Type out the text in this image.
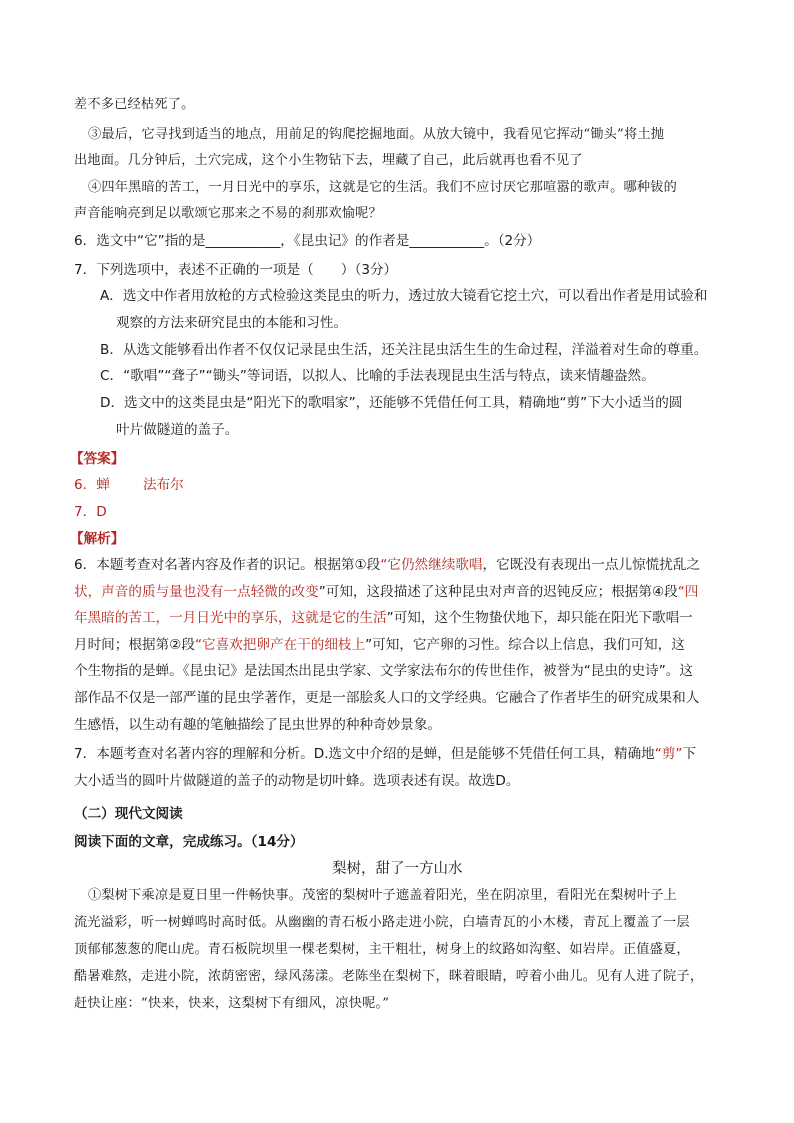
差不多已经枯死了。
③最后，它寻找到适当的地点，用前足的钩爬挖掘地面。从放大镜中，我看见它挥动“锄头”将土抛
出地面。几分钟后，土穴完成，这个小生物钻下去，埋藏了自己，此后就再也看不见了
④四年黑暗的苦工，一月日光中的享乐，这就是它的生活。我们不应讨厌它那喧嚣的歌声。哪种钹的
声音能响亮到足以歌颂它那来之不易的刹那欢愉呢？
6．选文中“它”指的是___________，《昆虫记》的作者是___________。（2分）
7．下列选项中，表述不正确的一项是（　　）（3分）
A．选文中作者用放枪的方式检验这类昆虫的听力，透过放大镜看它挖土穴，可以看出作者是用试验和
观察的方法来研究昆虫的本能和习性。
B．从选文能够看出作者不仅仅记录昆虫生活，还关注昆虫活生生的生命过程，洋溢着对生命的尊重。
C．“歌唱”“聋子”“锄头”等词语，以拟人、比喻的手法表现昆虫生活与特点，读来情趣盎然。
D．选文中的这类昆虫是“阳光下的歌唱家”，还能够不凭借任何工具，精确地“剪”下大小适当的圆
叶片做隧道的盖子。
【答案】
6．蝉 法布尔
7．D
【解析】
6．本题考查对名著内容及作者的识记。根据第①段“它仍然继续歌唱，它既没有表现出一点儿惊慌扰乱之
状，声音的质与量也没有一点轻微的改变”可知，这段描述了这种昆虫对声音的迟钝反应；根据第④段“四
年黑暗的苦工，一月日光中的享乐，这就是它的生活”可知，这个生物蛰伏地下，却只能在阳光下歌唱一
月时间；根据第②段“它喜欢把卵产在干的细枝上”可知，它产卵的习性。综合以上信息，我们可知，这
个生物指的是蝉。《昆虫记》是法国杰出昆虫学家、文学家法布尔的传世佳作，被誉为“昆虫的史诗”。这
部作品不仅是一部严谨的昆虫学著作，更是一部脍炙人口的文学经典。它融合了作者毕生的研究成果和人
生感悟，以生动有趣的笔触描绘了昆虫世界的种种奇妙景象。
7．本题考查对名著内容的理解和分析。D.选文中介绍的是蝉，但是能够不凭借任何工具，精确地“剪”下
大小适当的圆叶片做隧道的盖子的动物是切叶蜂。选项表述有误。故选D。
（二）现代文阅读
阅读下面的文章，完成练习。（14分）
梨树，甜了一方山水
①梨树下乘凉是夏日里一件畅快事。茂密的梨树叶子遮盖着阳光，坐在阴凉里，看阳光在梨树叶子上
流光溢彩，听一树蝉鸣时高时低。从幽幽的青石板小路走进小院，白墙青瓦的小木楼，青瓦上覆盖了一层
顶郁郁葱葱的爬山虎。青石板院坝里一棵老梨树，主干粗壮，树身上的纹路如沟壑、如岩岸。正值盛夏，
酷暑难熬，走进小院，浓荫密密，绿风荡漾。老陈坐在梨树下，眯着眼睛，哼着小曲儿。见有人进了院子，
赶快让座：“快来，快来，这梨树下有细风，凉快呢。”
